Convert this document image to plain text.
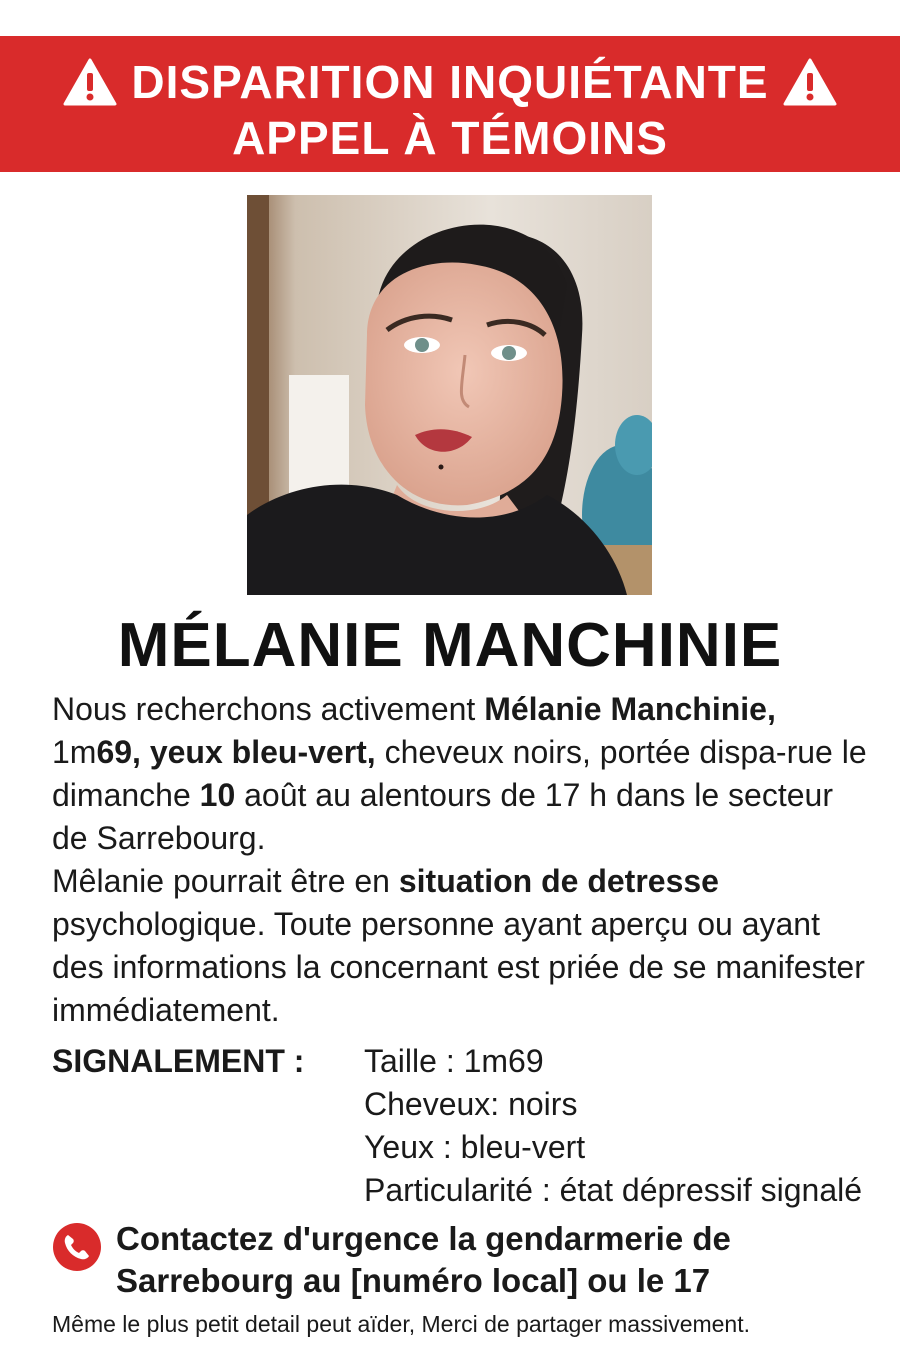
DISPARITION INQUIÉTANTE
APPEL À TÉMOINS
MÉLANIE MANCHINIE

Nous recherchons activement Mélanie Manchinie, 1m69, yeux bleu-vert, cheveux noirs, portée dispa-rue le dimanche 10 août au alentours de 17 h dans le secteur de Sarrebourg.

Mêlanie pourrait être en situation de detresse psychologique. Toute personne ayant aperçu ou ayant des informations la concernant est priée de se manifester immédiatement.

SIGNALEMENT : Taille : 1m69
Cheveux: noirs
Yeux : bleu-vert
Particularité : état dépressif signalé
Contactez d'urgence la gendarmerie de
Sarrebourg au [numéro local] ou le 17
Même le plus petit detail peut aïder, Merci de partager massivement.
